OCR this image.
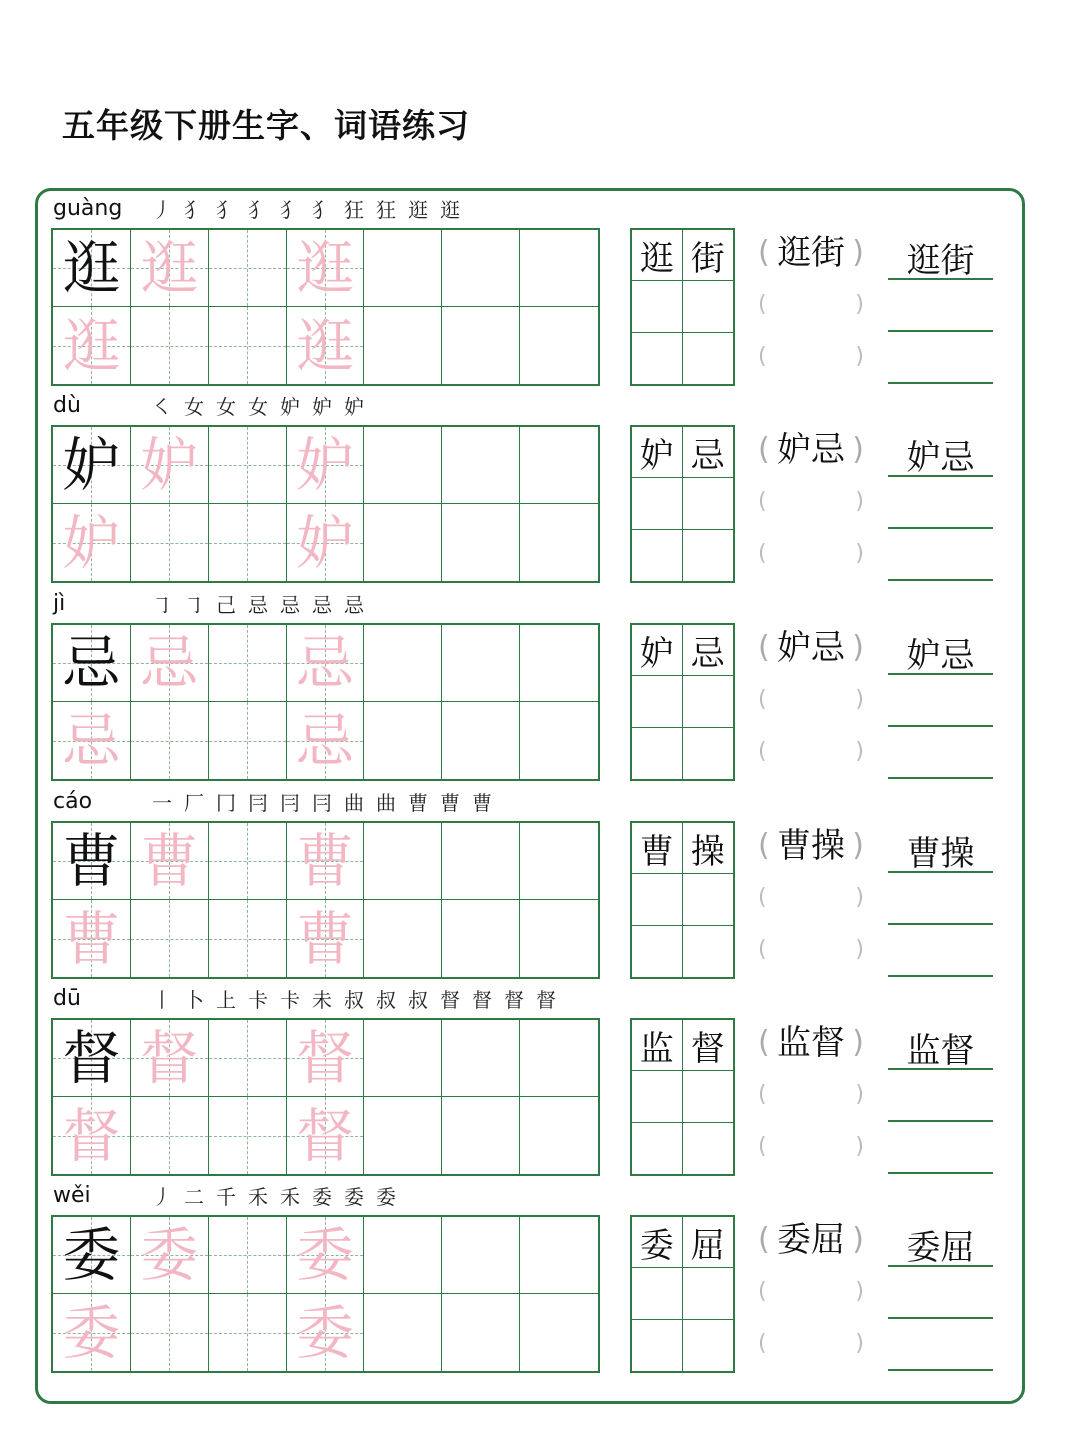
五年级下册生字、词语练习
guàng	丿 犭 犭 犭 犭 犭 狂 狂 逛 逛
逛 逛 逛
逛	逛
逛 街 ( 逛街 )
(	)
(	)
逛街
dù	㇛ 女 女 女 妒 妒 妒
妒 妒 妒
妒	妒
妒 忌 ( 妒忌 )
(	)
(	)
妒忌
jì	㇆ ㇆ 己 忌 忌 忌 忌
忌 忌 忌
忌	忌
妒 忌 ( 妒忌 )
(	)
(	)
妒忌
cáo	一 厂 冂 冃 冃 冃 曲 曲 曹 曹 曹
曹 曹 曹
曹	曹
曹 操 ( 曹操 )
(	)
(	)
曹操
dū	丨 卜 上 卡 卡 未 叔 叔 叔 督 督 督 督
督 督 督
督	督
监 督 ( 监督 )
(	)
(	)
监督
wěi	丿 二 千 禾 禾 委 委 委
委 委 委
委	委
委 屈 ( 委屈 )
(	)
(	)
委屈
